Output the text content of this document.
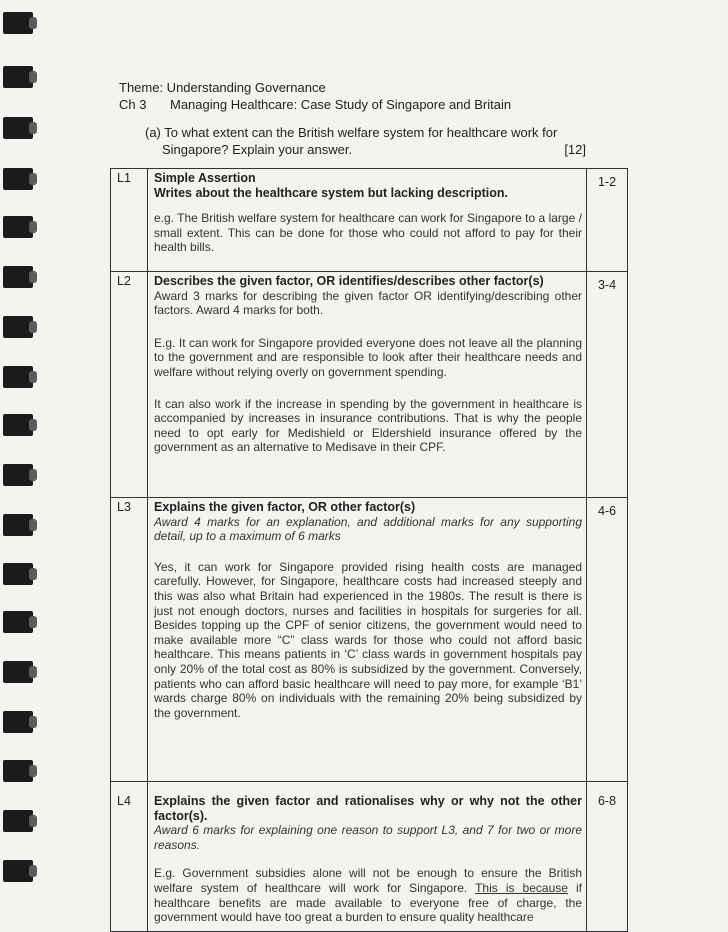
Theme: Understanding Governance
Ch 3 Managing Healthcare: Case Study of Singapore and Britain
(a) To what extent can the British welfare system for healthcare work for
Singapore? Explain your answer.	[12]
L1	Simple Assertion
Writes about the healthcare system but lacking description.
e.g. The British welfare system for healthcare can work for Singapore to a large / small extent. This can be done for those who could not afford to pay for their health bills.	1-2
L2	Describes the given factor, OR identifies/describes other factor(s)
Award 3 marks for describing the given factor OR identifying/describing other factors. Award 4 marks for both.
E.g. It can work for Singapore provided everyone does not leave all the planning to the government and are responsible to look after their healthcare needs and welfare without relying overly on government spending.
It can also work if the increase in spending by the government in healthcare is accompanied by increases in insurance contributions. That is why the people need to opt early for Medishield or Eldershield insurance offered by the government as an alternative to Medisave in their CPF.	3-4
L3	Explains the given factor, OR other factor(s)
Award 4 marks for an explanation, and additional marks for any supporting detail, up to a maximum of 6 marks
Yes, it can work for Singapore provided rising health costs are managed carefully. However, for Singapore, healthcare costs had increased steeply and this was also what Britain had experienced in the 1980s. The result is there is just not enough doctors, nurses and facilities in hospitals for surgeries for all. Besides topping up the CPF of senior citizens, the government would need to make available more “C” class wards for those who could not afford basic healthcare. This means patients in ‘C’ class wards in government hospitals pay only 20% of the total cost as 80% is subsidized by the government. Conversely, patients who can afford basic healthcare will need to pay more, for example ‘B1’ wards charge 80% on individuals with the remaining 20% being subsidized by the government.	4-6
L4	Explains the given factor and rationalises why or why not the other factor(s).
Award 6 marks for explaining one reason to support L3, and 7 for two or more reasons.
E.g. Government subsidies alone will not be enough to ensure the British welfare system of healthcare will work for Singapore. This is because if healthcare benefits are made available to everyone free of charge, the government would have too great a burden to ensure quality healthcare	6-8
